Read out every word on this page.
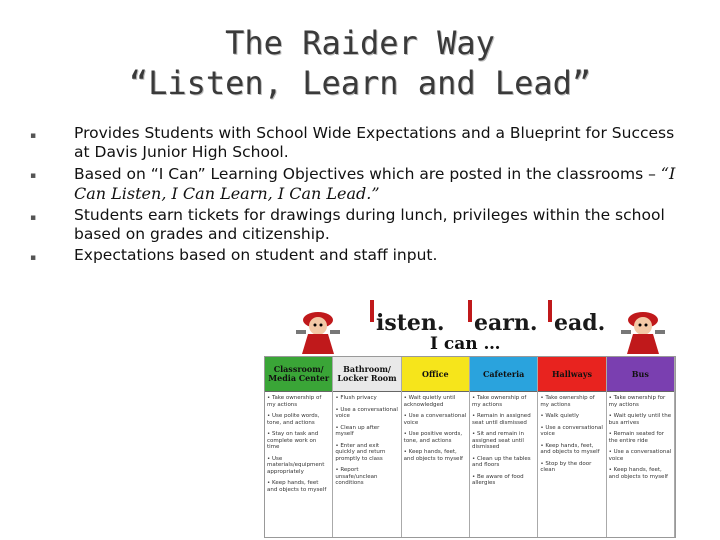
The Raider Way
“Listen, Learn and Lead”
▪ Provides Students with School Wide Expectations and a Blueprint for Success at Davis Junior High School.
▪ Based on “I Can” Learning Objectives which are posted in the classrooms – “I Can Listen, I Can Learn, I Can Lead.”
▪ Students earn tickets for drawings during lunch, privileges within the school based on grades and citizenship.
▪ Expectations based on student and staff input.
isten. earn. ead.
I can …
Classroom/ Media Center
• Take ownership of my actions
• Use polite words, tone, and actions
• Stay on task and complete work on time
• Use materials/equipment appropriately
• Keep hands, feet and objects to myself
Bathroom/ Locker Room
• Flush privacy
• Use a conversational voice
• Clean up after myself
• Enter and exit quickly and return promptly to class
• Report unsafe/unclean conditions
Office
• Wait quietly until acknowledged
• Use a conversational voice
• Use positive words, tone, and actions
• Keep hands, feet, and objects to myself
Cafeteria
• Take ownership of my actions
• Remain in assigned seat until dismissed
• Sit and remain in assigned seat until dismissed
• Clean up the tables and floors
• Be aware of food allergies
Hallways
• Take ownership of my actions
• Walk quietly
• Use a conversational voice
• Keep hands, feet, and objects to myself
• Stop by the door clean
Bus
• Take ownership for my actions
• Wait quietly until the bus arrives
• Remain seated for the entire ride
• Use a conversational voice
• Keep hands, feet, and objects to myself
